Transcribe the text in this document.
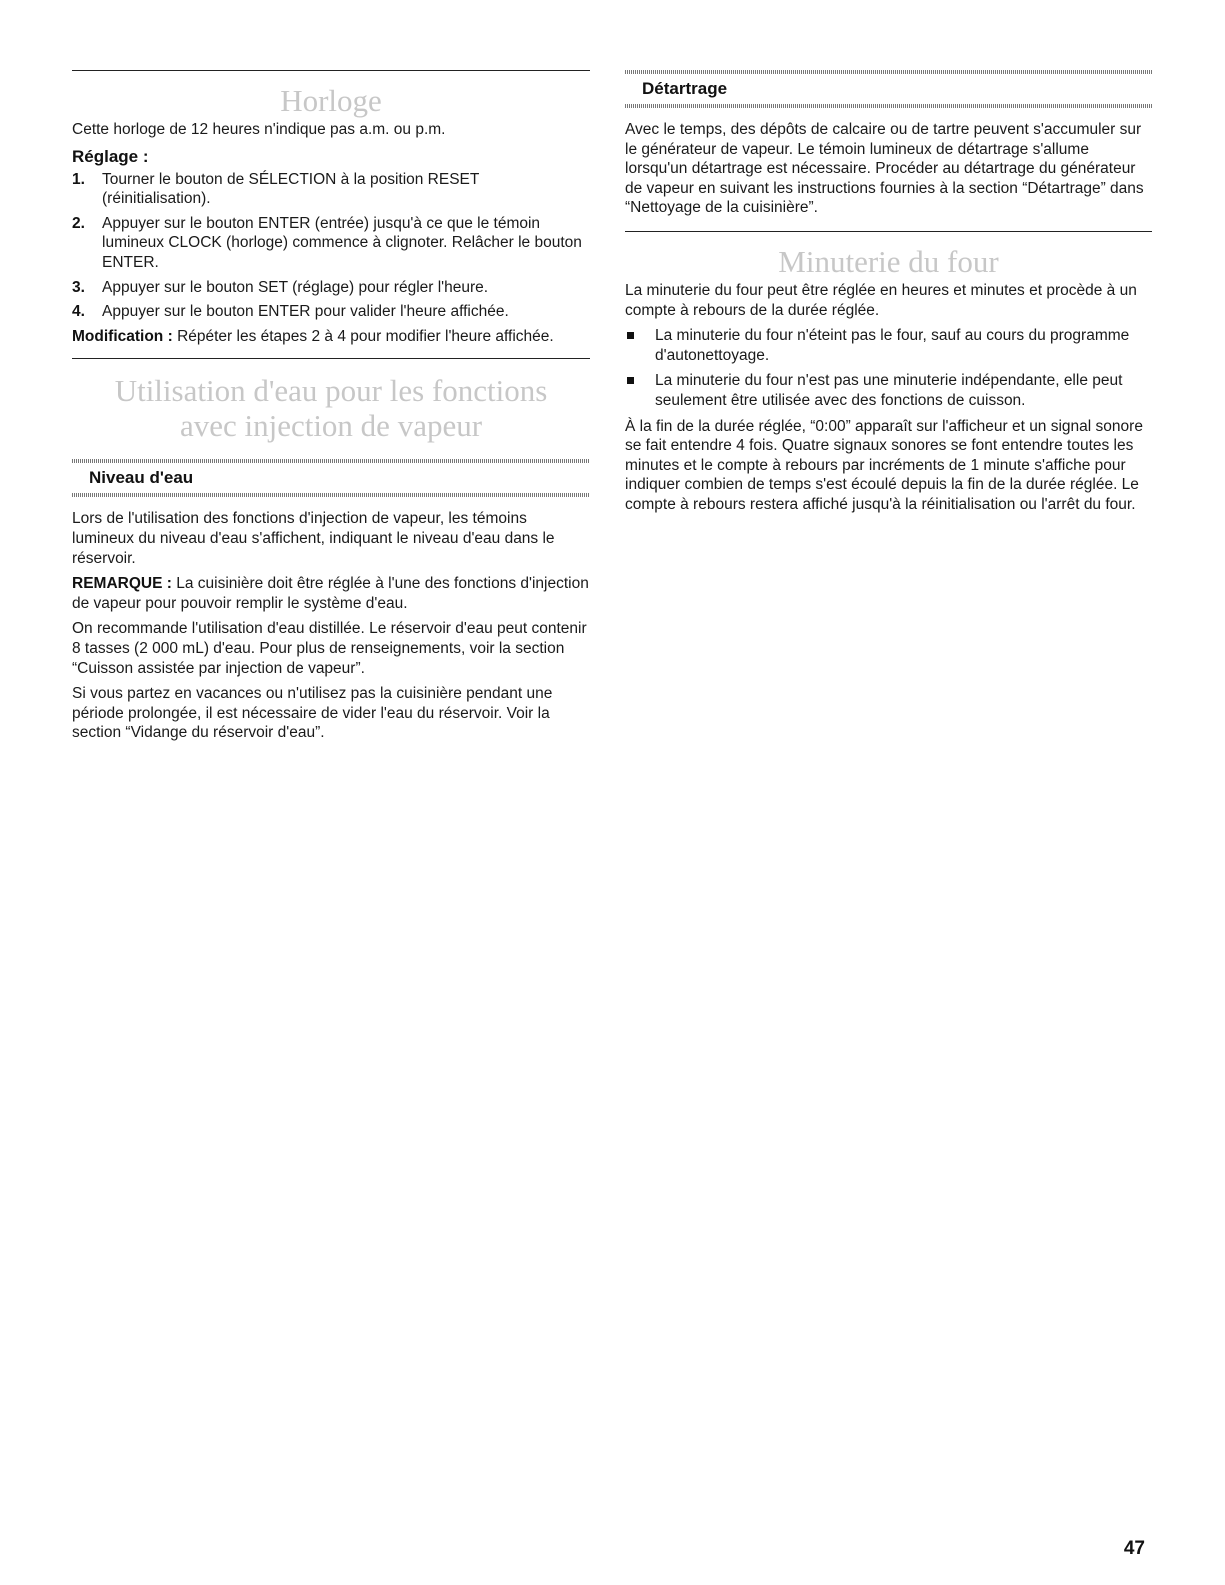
Horloge

Cette horloge de 12 heures n'indique pas a.m. ou p.m.

Réglage :

1. Tourner le bouton de SÉLECTION à la position RESET (réinitialisation).
2. Appuyer sur le bouton ENTER (entrée) jusqu'à ce que le témoin lumineux CLOCK (horloge) commence à clignoter. Relâcher le bouton ENTER.
3. Appuyer sur le bouton SET (réglage) pour régler l'heure.
4. Appuyer sur le bouton ENTER pour valider l'heure affichée.

Modification : Répéter les étapes 2 à 4 pour modifier l'heure affichée.

Utilisation d'eau pour les fonctions avec injection de vapeur
Niveau d'eau

Lors de l'utilisation des fonctions d'injection de vapeur, les témoins lumineux du niveau d'eau s'affichent, indiquant le niveau d'eau dans le réservoir.

REMARQUE : La cuisinière doit être réglée à l'une des fonctions d'injection de vapeur pour pouvoir remplir le système d'eau.

On recommande l'utilisation d'eau distillée. Le réservoir d'eau peut contenir 8 tasses (2 000 mL) d'eau. Pour plus de renseignements, voir la section “Cuisson assistée par injection de vapeur”.

Si vous partez en vacances ou n'utilisez pas la cuisinière pendant une période prolongée, il est nécessaire de vider l'eau du réservoir. Voir la section “Vidange du réservoir d'eau”.

Détartrage

Avec le temps, des dépôts de calcaire ou de tartre peuvent s'accumuler sur le générateur de vapeur. Le témoin lumineux de détartrage s'allume lorsqu'un détartrage est nécessaire. Procéder au détartrage du générateur de vapeur en suivant les instructions fournies à la section “Détartrage” dans “Nettoyage de la cuisinière”.

Minuterie du four

La minuterie du four peut être réglée en heures et minutes et procède à un compte à rebours de la durée réglée.

La minuterie du four n'éteint pas le four, sauf au cours du programme d'autonettoyage.
La minuterie du four n'est pas une minuterie indépendante, elle peut seulement être utilisée avec des fonctions de cuisson.

À la fin de la durée réglée, “0:00” apparaît sur l'afficheur et un signal sonore se fait entendre 4 fois. Quatre signaux sonores se font entendre toutes les minutes et le compte à rebours par incréments de 1 minute s'affiche pour indiquer combien de temps s'est écoulé depuis la fin de la durée réglée. Le compte à rebours restera affiché jusqu'à la réinitialisation ou l'arrêt du four.

47
